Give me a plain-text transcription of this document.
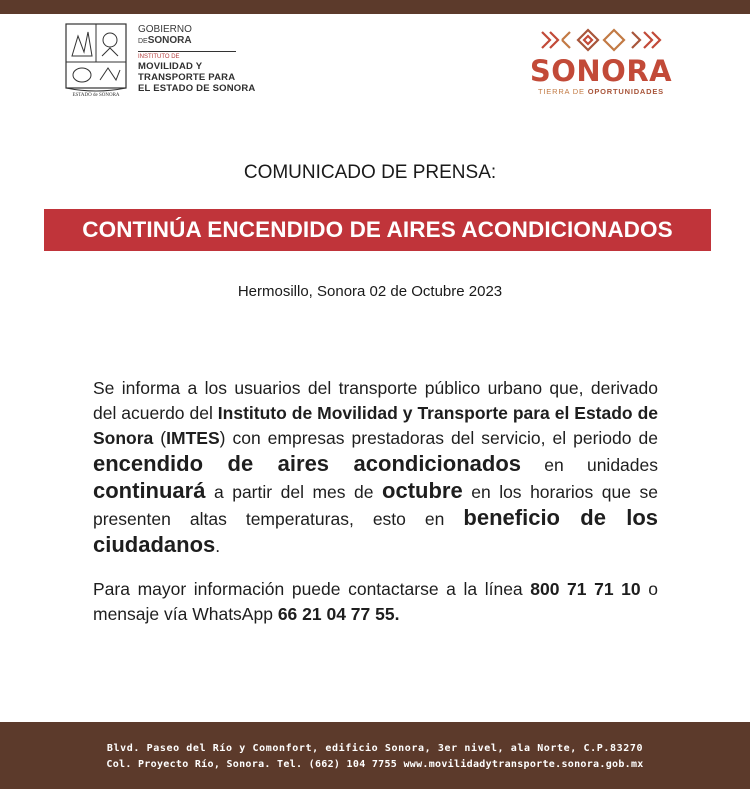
ESTADO de SONORA
GOBIERNO
DESONORA
INSTITUTO DE
MOVILIDAD Y
TRANSPORTE PARA
EL ESTADO DE SONORA
SONORA
TIERRA DE OPORTUNIDADES
COMUNICADO DE PRENSA:
CONTINÚA ENCENDIDO DE AIRES ACONDICIONADOS
Hermosillo, Sonora 02 de Octubre 2023

Se informa a los usuarios del transporte público urbano que, derivado del acuerdo del Instituto de Movilidad y Transporte para el Estado de Sonora (IMTES) con empresas prestadoras del servicio, el periodo de encendido de aires acondicionados en unidades continuará a partir del mes de octubre en los horarios que se presenten altas temperaturas, esto en beneficio de los ciudadanos.

Para mayor información puede contactarse a la línea 800 71 71 10 o mensaje vía WhatsApp 66 21 04 77 55.

Blvd. Paseo del Río y Comonfort, edificio Sonora, 3er nivel, ala Norte, C.P.83270
Col. Proyecto Río, Sonora. Tel. (662) 104 7755 www.movilidadytransporte.sonora.gob.mx
